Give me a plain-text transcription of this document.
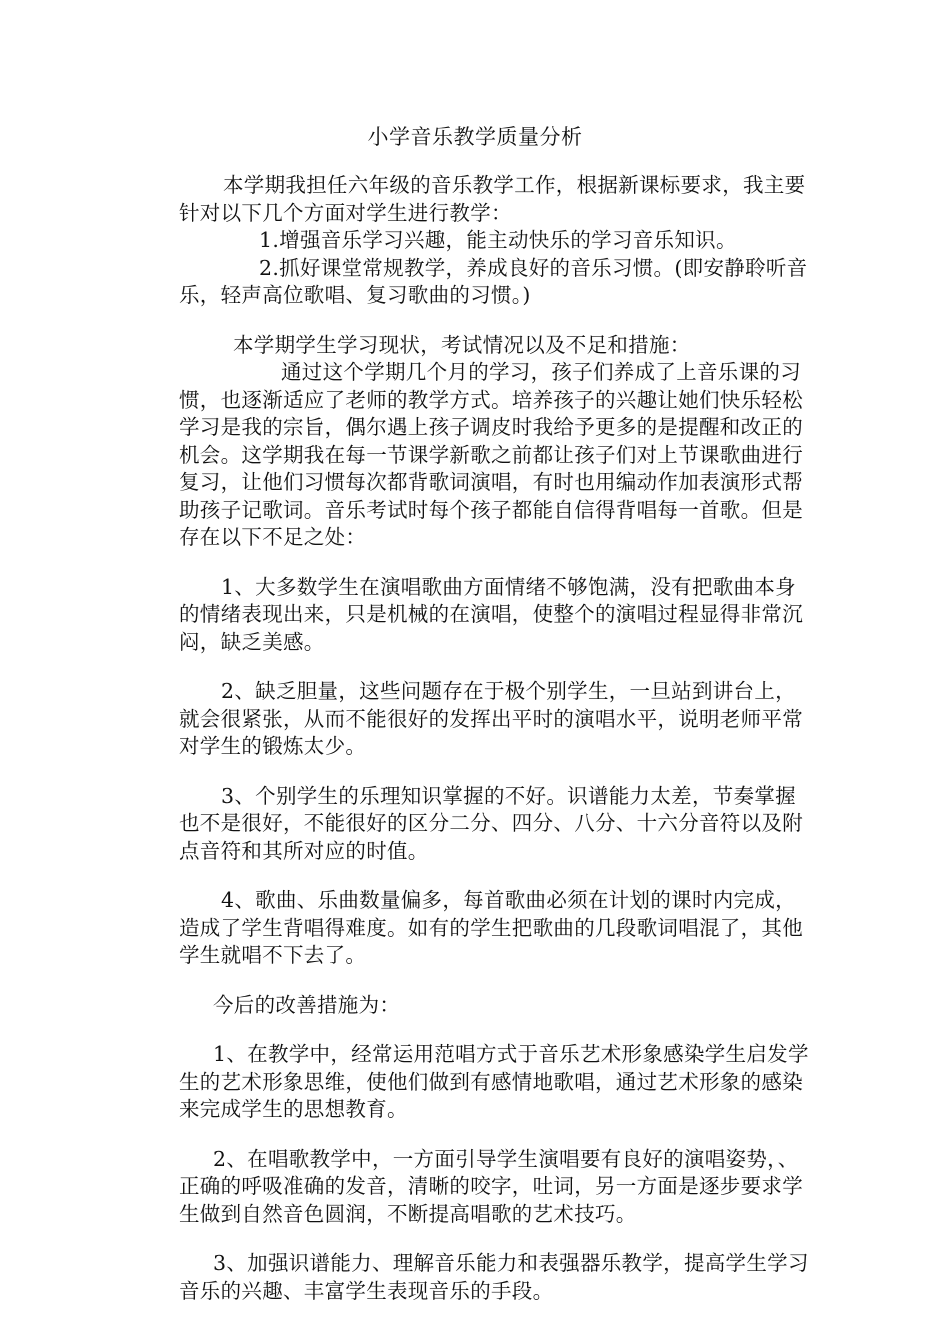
小学音乐教学质量分析

本学期我担任六年级的音乐教学工作，根据新课标要求，我主要针对以下几个方面对学生进行教学：

1.增强音乐学习兴趣，能主动快乐的学习音乐知识。

2.抓好课堂常规教学，养成良好的音乐习惯。(即安静聆听音乐，轻声高位歌唱、复习歌曲的习惯。)

本学期学生学习现状，考试情况以及不足和措施：

通过这个学期几个月的学习，孩子们养成了上音乐课的习惯，也逐渐适应了老师的教学方式。培养孩子的兴趣让她们快乐轻松学习是我的宗旨，偶尔遇上孩子调皮时我给予更多的是提醒和改正的机会。这学期我在每一节课学新歌之前都让孩子们对上节课歌曲进行复习，让他们习惯每次都背歌词演唱，有时也用编动作加表演形式帮助孩子记歌词。音乐考试时每个孩子都能自信得背唱每一首歌。但是存在以下不足之处：

1、大多数学生在演唱歌曲方面情绪不够饱满，没有把歌曲本身的情绪表现出来，只是机械的在演唱，使整个的演唱过程显得非常沉闷，缺乏美感。

2、缺乏胆量，这些问题存在于极个别学生，一旦站到讲台上，就会很紧张，从而不能很好的发挥出平时的演唱水平，说明老师平常对学生的锻炼太少。

3、个别学生的乐理知识掌握的不好。识谱能力太差，节奏掌握也不是很好，不能很好的区分二分、四分、八分、十六分音符以及附点音符和其所对应的时值。

4、歌曲、乐曲数量偏多，每首歌曲必须在计划的课时内完成，造成了学生背唱得难度。如有的学生把歌曲的几段歌词唱混了，其他学生就唱不下去了。

今后的改善措施为：

1、在教学中，经常运用范唱方式于音乐艺术形象感染学生启发学生的艺术形象思维，使他们做到有感情地歌唱，通过艺术形象的感染来完成学生的思想教育。

2、在唱歌教学中，一方面引导学生演唱要有良好的演唱姿势，、正确的呼吸准确的发音，清晰的咬字，吐词，另一方面是逐步要求学生做到自然音色圆润，不断提高唱歌的艺术技巧。

3、加强识谱能力、理解音乐能力和表强器乐教学，提高学生学习音乐的兴趣、丰富学生表现音乐的手段。
